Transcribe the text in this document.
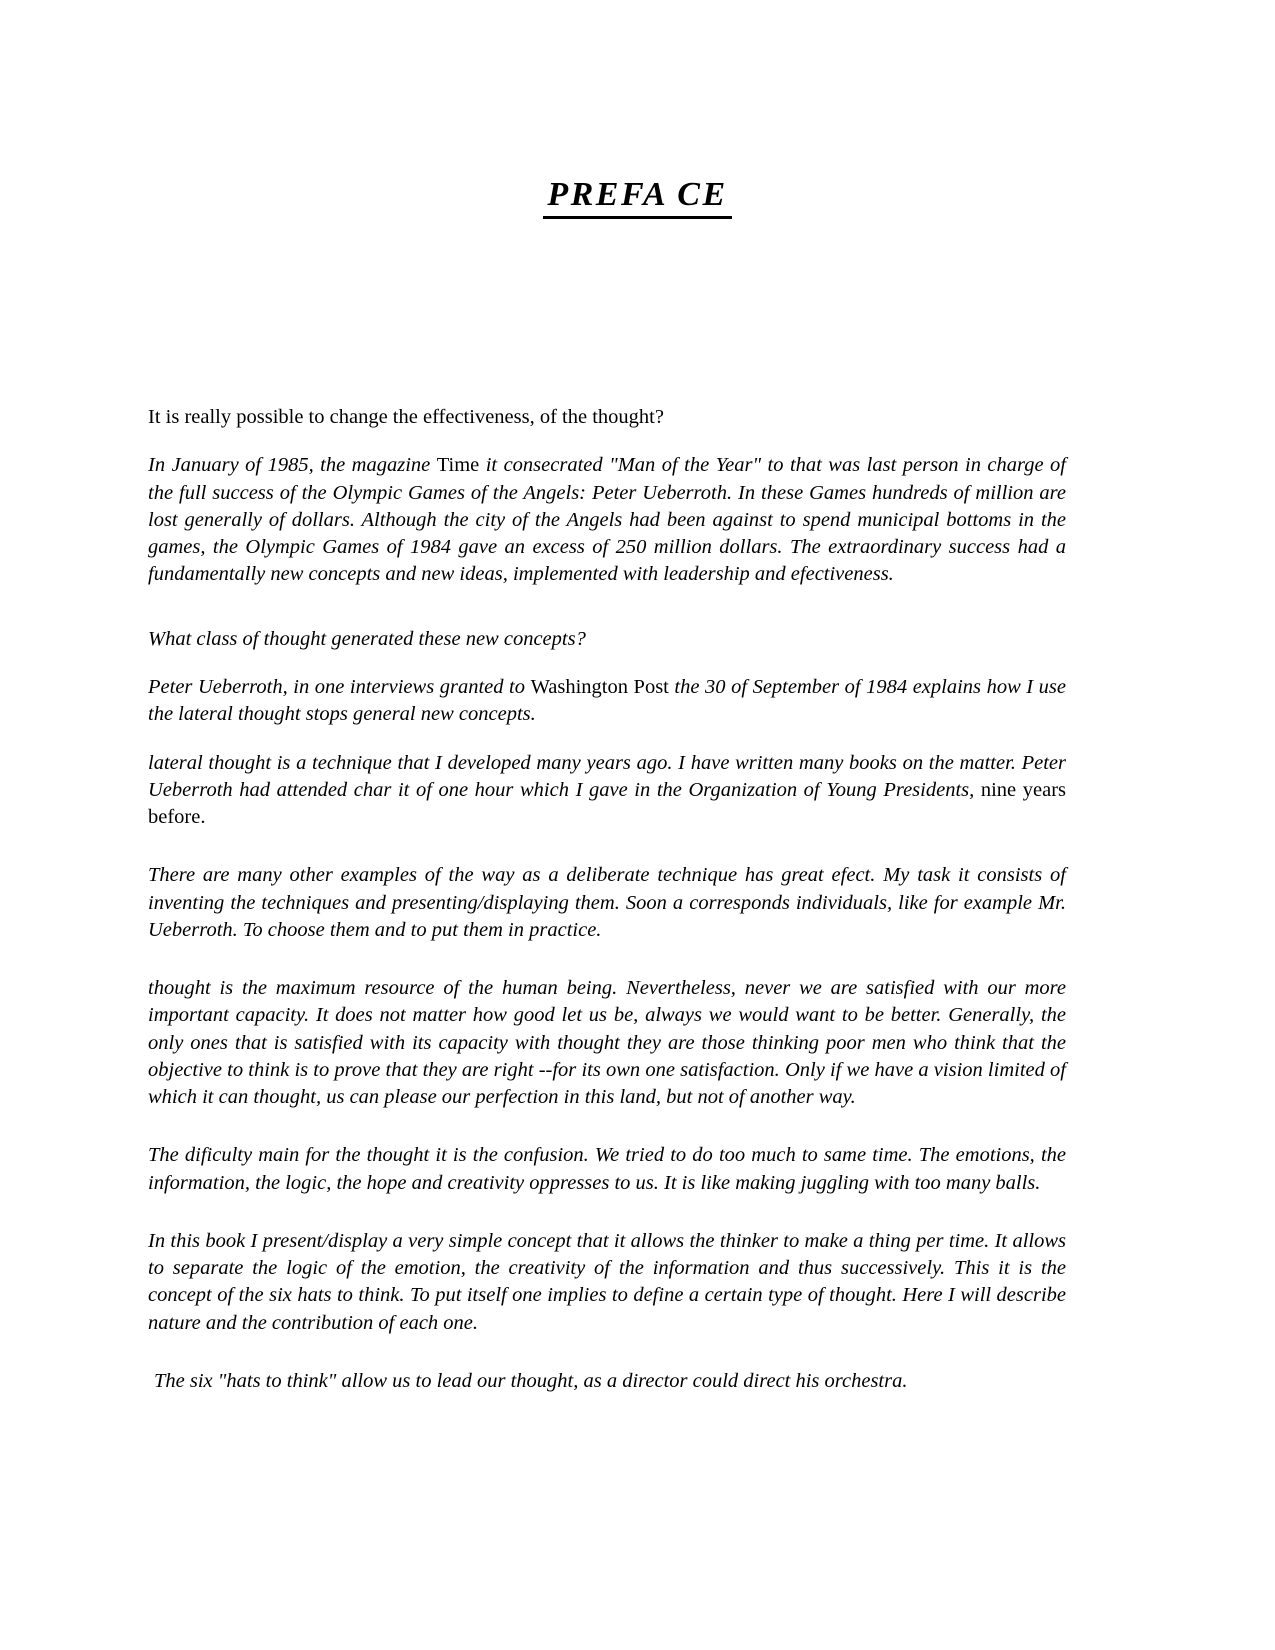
PREFA CE

It is really possible to change the effectiveness, of the thought?

In January of 1985, the magazine Time it consecrated "Man of the Year" to that was last person in charge of the full success of the Olympic Games of the Angels: Peter Ueberroth. In these Games hundreds of million are lost generally of dollars. Although the city of the Angels had been against to spend municipal bottoms in the games, the Olympic Games of 1984 gave an excess of 250 million dollars. The extraordinary success had a fundamentally new concepts and new ideas, implemented with leadership and efectiveness.

What class of thought generated these new concepts?

Peter Ueberroth, in one interviews granted to Washington Post the 30 of September of 1984 explains how I use the lateral thought stops general new concepts.

lateral thought is a technique that I developed many years ago. I have written many books on the matter. Peter Ueberroth had attended char it of one hour which I gave in the Organization of Young Presidents, nine years before.

There are many other examples of the way as a deliberate technique has great efect. My task it consists of inventing the techniques and presenting/displaying them. Soon a corresponds individuals, like for example Mr. Ueberroth. To choose them and to put them in practice.

thought is the maximum resource of the human being. Nevertheless, never we are satisfied with our more important capacity. It does not matter how good let us be, always we would want to be better. Generally, the only ones that is satisfied with its capacity with thought they are those thinking poor men who think that the objective to think is to prove that they are right --for its own one satisfaction. Only if we have a vision limited of which it can thought, us can please our perfection in this land, but not of another way.

The dificulty main for the thought it is the confusion. We tried to do too much to same time. The emotions, the information, the logic, the hope and creativity oppresses to us. It is like making juggling with too many balls.

In this book I present/display a very simple concept that it allows the thinker to make a thing per time. It allows to separate the logic of the emotion, the creativity of the information and thus successively. This it is the concept of the six hats to think. To put itself one implies to define a certain type of thought. Here I will describe nature and the contribution of each one.

The six "hats to think" allow us to lead our thought, as a director could direct his orchestra.
